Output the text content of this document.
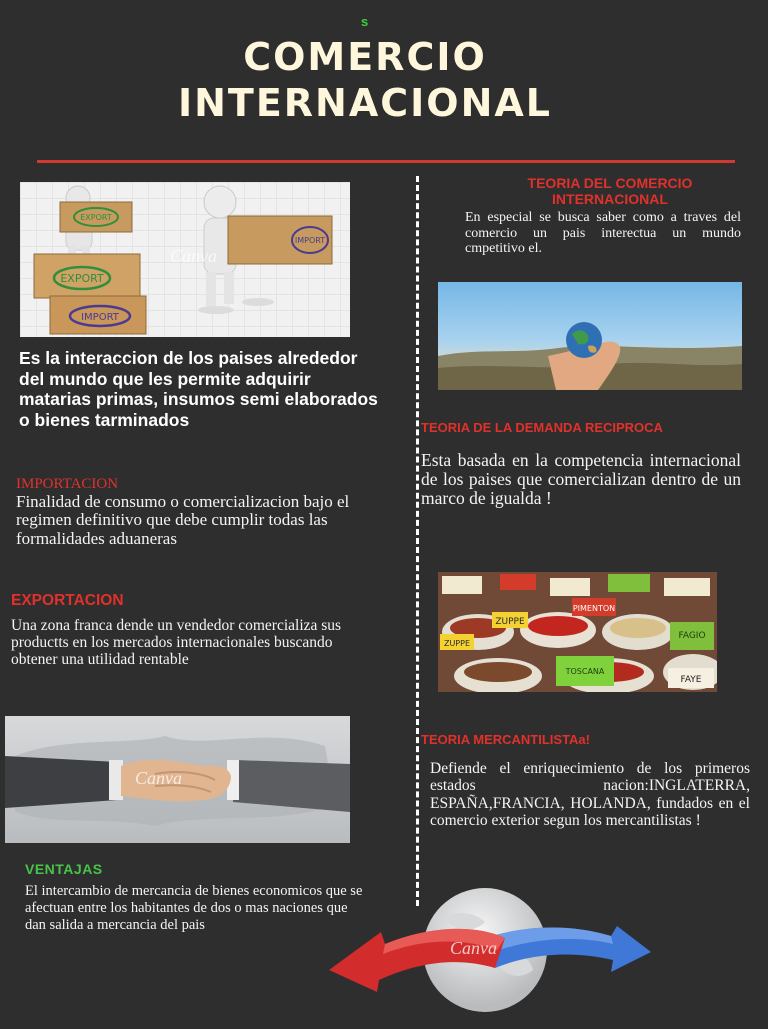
s
COMERCIO
INTERNACIONAL
EXPORT
EXPORT
IMPORT
IMPORT
Canva
Es la interaccion de los paises alrededor del mundo que les permite adquirir matarias primas, insumos semi elaborados o bienes tarminados
IMPORTACION
Finalidad de consumo o comercializacion bajo el regimen definitivo que debe cumplir todas las formalidades aduaneras
EXPORTACION
Una zona franca dende un vendedor comercializa sus productts en los mercados internacionales buscando obtener una utilidad rentable
Canva
VENTAJAS
El intercambio de mercancia de bienes economicos que se afectuan entre los habitantes de dos o mas naciones que dan salida a mercancia del pais
TEORIA DEL COMERCIO
INTERNACIONAL
En especial se busca saber como a traves del comercio un pais interectua un mundo cmpetitivo el.
TEORIA DE LA DEMANDA RECIPROCA
Esta basada en la competencia internacional de los paises que comercializan dentro de un marco de igualda !
ZUPPE
PIMENTON
FAGIO
FAYE
TOSCANA
ZUPPE
TEORIA MERCANTILISTAa!
Defiende el enriquecimiento de los primeros estados nacion:INGLATERRA, ESPAÑA,FRANCIA, HOLANDA, fundados en el comercio exterior segun los mercantilistas !
Canva
